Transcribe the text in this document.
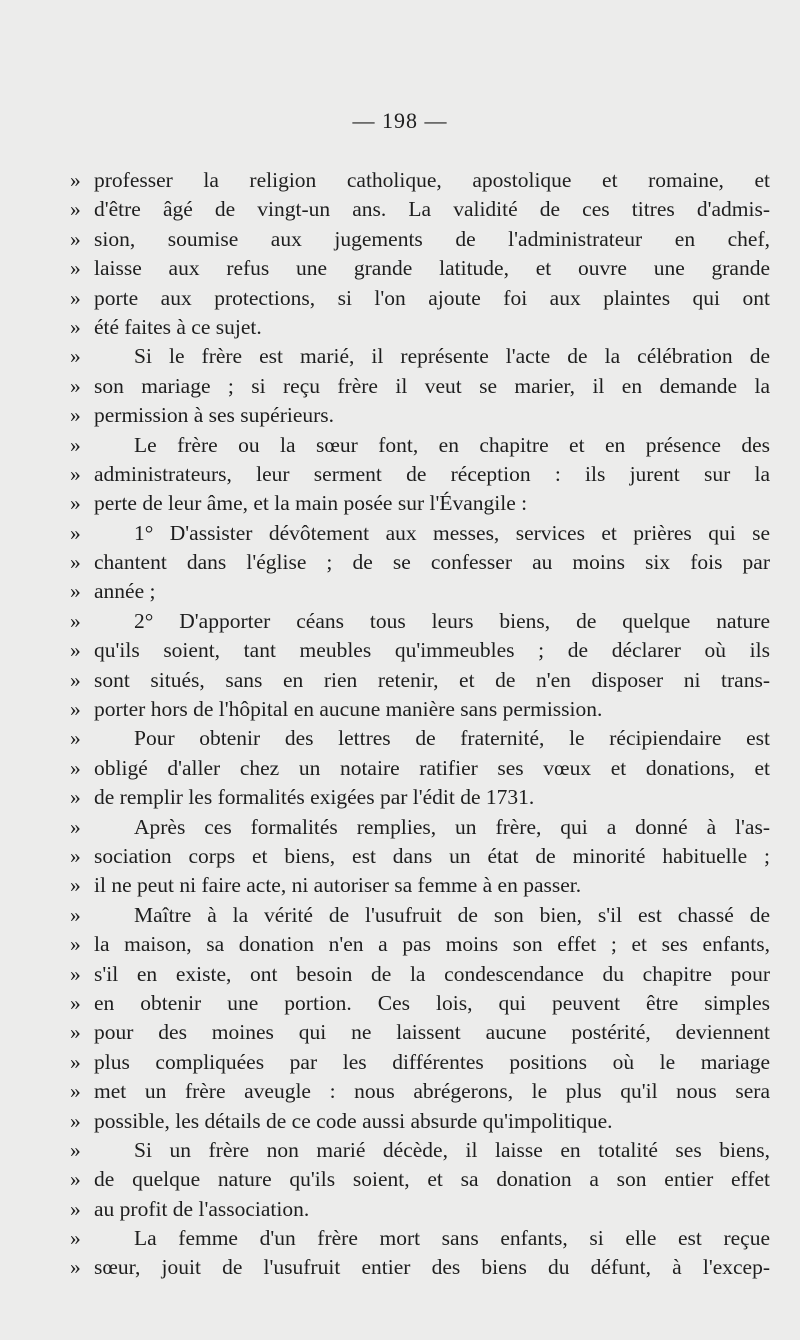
— 198 —
» professer la religion catholique, apostolique et romaine, et
» d'être âgé de vingt-un ans. La validité de ces titres d'admis-
» sion, soumise aux jugements de l'administrateur en chef,
» laisse aux refus une grande latitude, et ouvre une grande
» porte aux protections, si l'on ajoute foi aux plaintes qui ont
» été faites à ce sujet.
» Si le frère est marié, il représente l'acte de la célébration de
» son mariage ; si reçu frère il veut se marier, il en demande la
» permission à ses supérieurs.
» Le frère ou la sœur font, en chapitre et en présence des
» administrateurs, leur serment de réception : ils jurent sur la
» perte de leur âme, et la main posée sur l'Évangile :
» 1° D'assister dévôtement aux messes, services et prières qui se
» chantent dans l'église ; de se confesser au moins six fois par
» année ;
» 2° D'apporter céans tous leurs biens, de quelque nature
» qu'ils soient, tant meubles qu'immeubles ; de déclarer où ils
» sont situés, sans en rien retenir, et de n'en disposer ni trans-
» porter hors de l'hôpital en aucune manière sans permission.
» Pour obtenir des lettres de fraternité, le récipiendaire est
» obligé d'aller chez un notaire ratifier ses vœux et donations, et
» de remplir les formalités exigées par l'édit de 1731.
» Après ces formalités remplies, un frère, qui a donné à l'as-
» sociation corps et biens, est dans un état de minorité habituelle ;
» il ne peut ni faire acte, ni autoriser sa femme à en passer.
» Maître à la vérité de l'usufruit de son bien, s'il est chassé de
» la maison, sa donation n'en a pas moins son effet ; et ses enfants,
» s'il en existe, ont besoin de la condescendance du chapitre pour
» en obtenir une portion. Ces lois, qui peuvent être simples
» pour des moines qui ne laissent aucune postérité, deviennent
» plus compliquées par les différentes positions où le mariage
» met un frère aveugle : nous abrégerons, le plus qu'il nous sera
» possible, les détails de ce code aussi absurde qu'impolitique.
» Si un frère non marié décède, il laisse en totalité ses biens,
» de quelque nature qu'ils soient, et sa donation a son entier effet
» au profit de l'association.
» La femme d'un frère mort sans enfants, si elle est reçue
» sœur, jouit de l'usufruit entier des biens du défunt, à l'excep-
